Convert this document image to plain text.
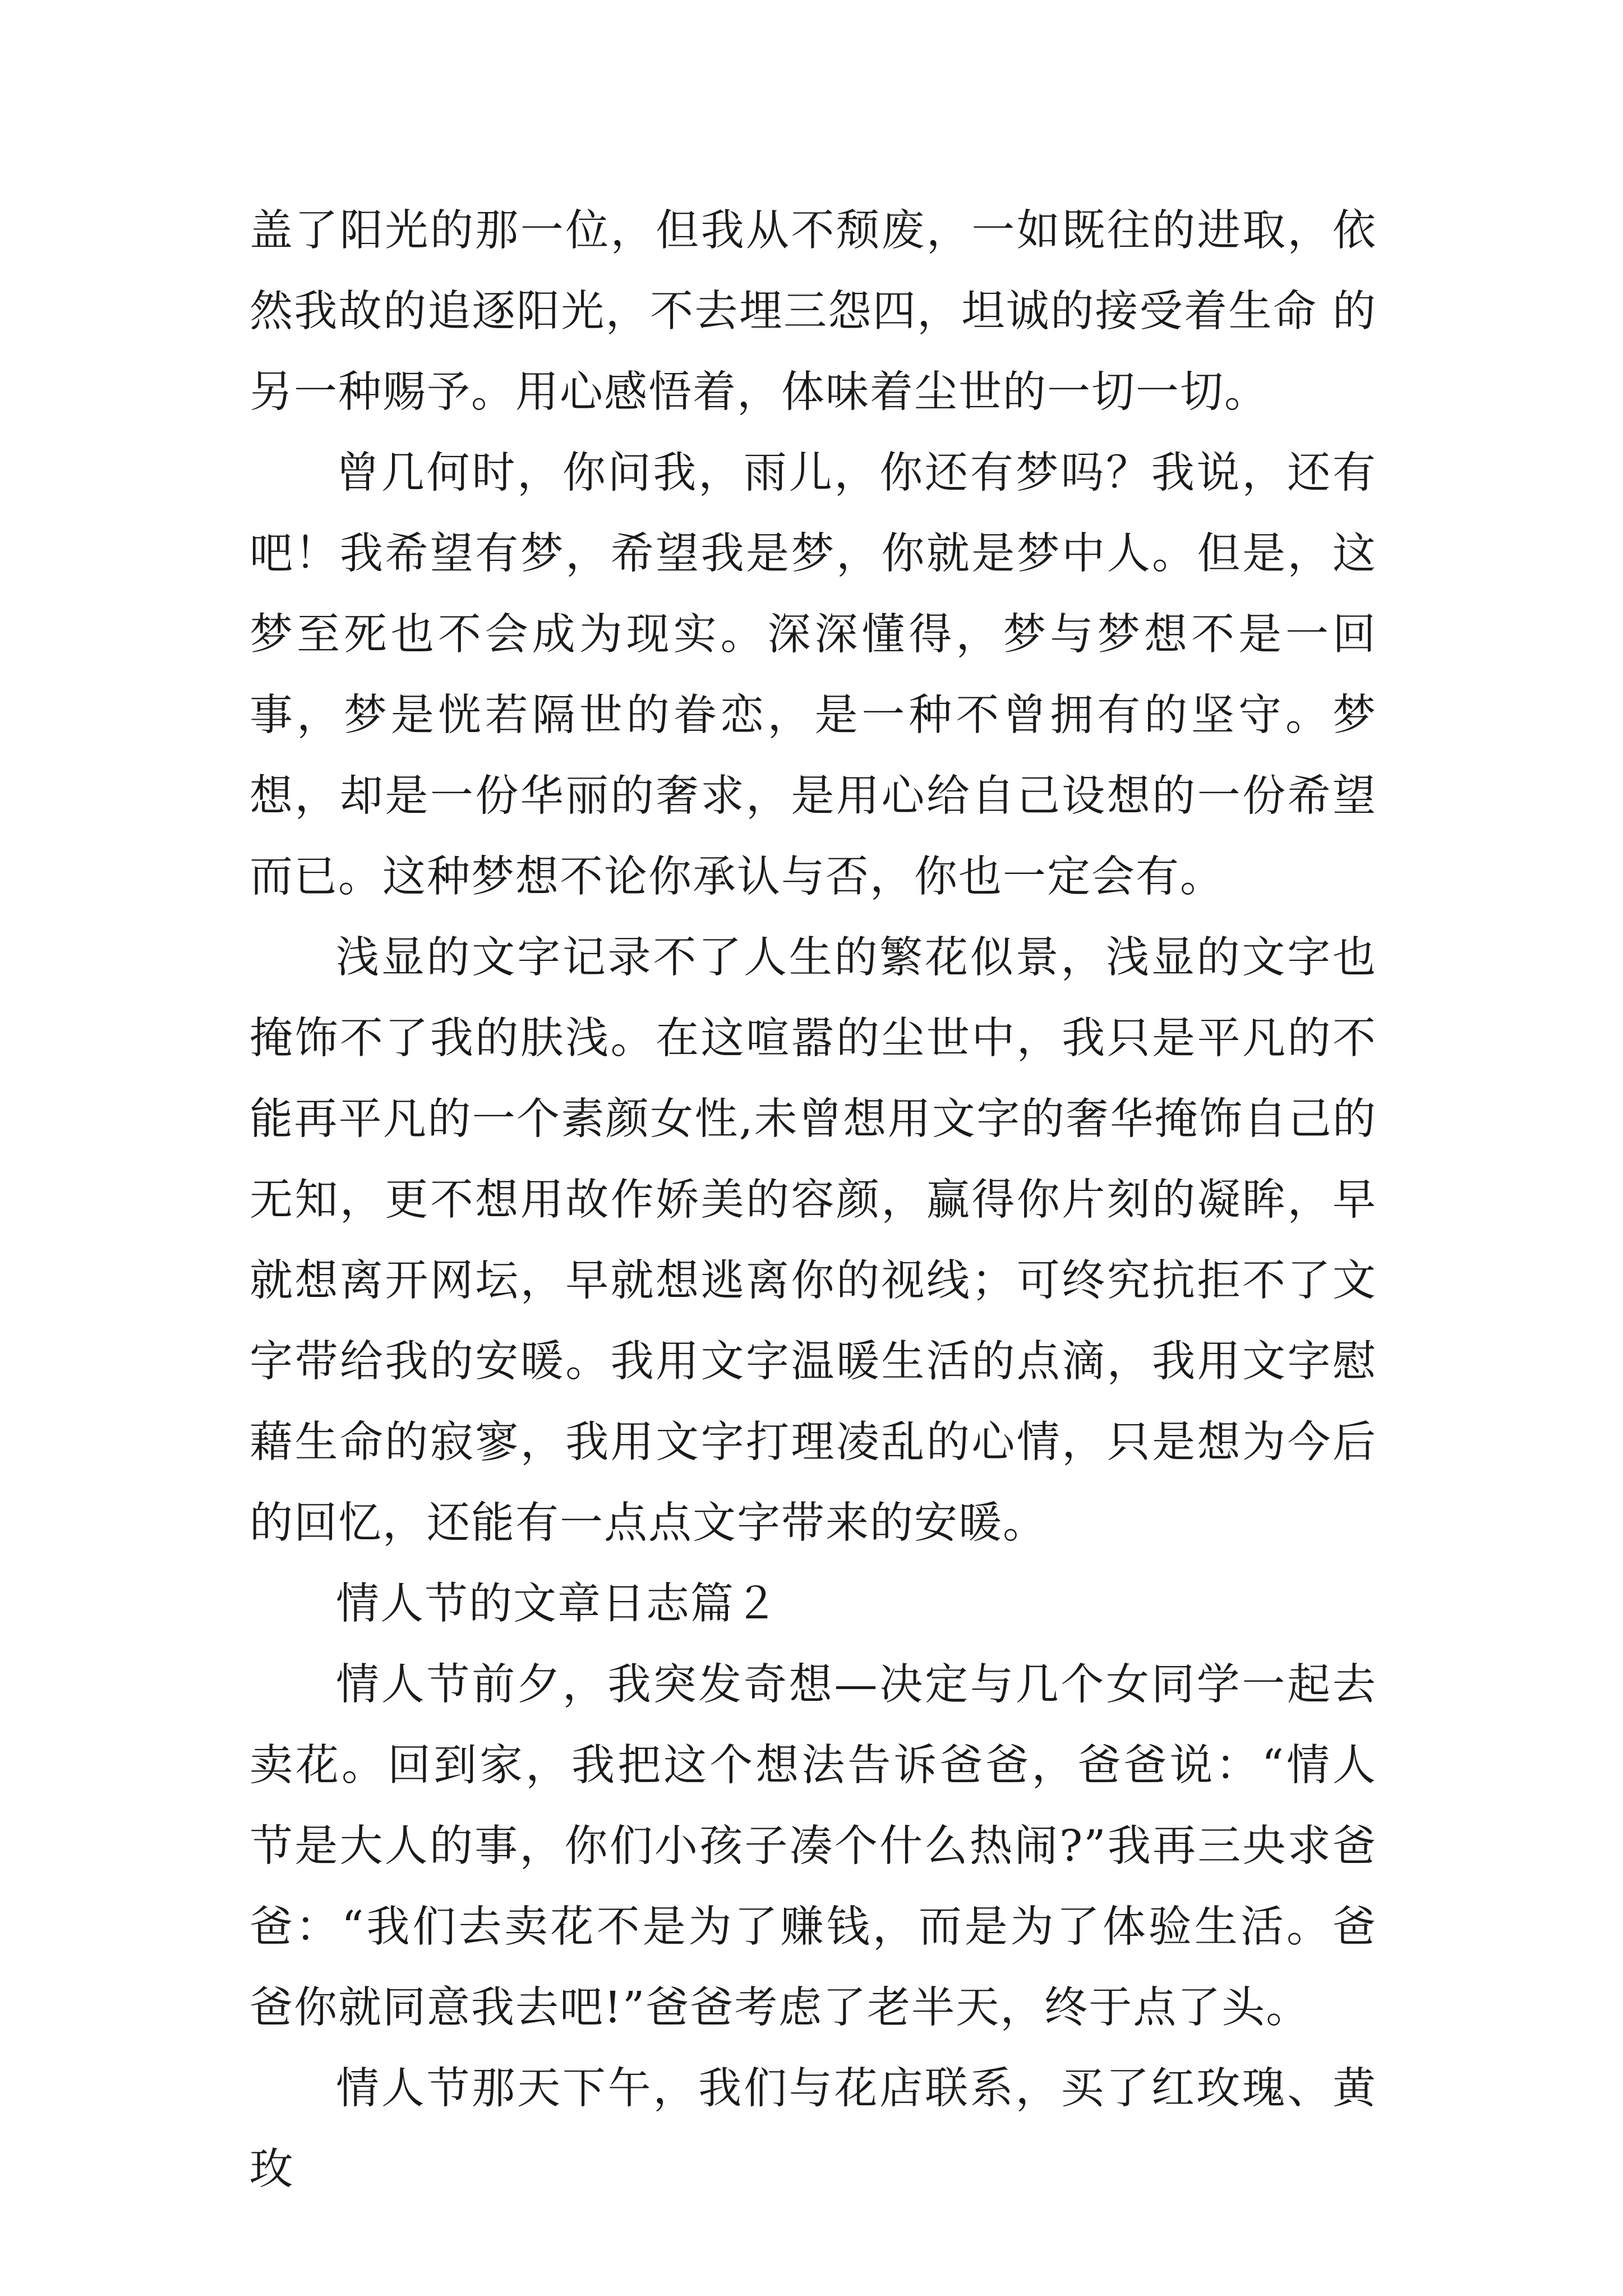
盖了阳光的那一位，但我从不颓废，一如既往的进取，依然我故的追逐阳光，不去埋三怨四，坦诚的接受着生命 的另一种赐予。用心感悟着，体味着尘世的一切一切。

曾几何时，你问我，雨儿，你还有梦吗？我说，还有吧！我希望有梦，希望我是梦，你就是梦中人。但是，这梦至死也不会成为现实。深深懂得，梦与梦想不是一回事，梦是恍若隔世的眷恋，是一种不曾拥有的坚守。梦想，却是一份华丽的奢求，是用心给自己设想的一份希望而已。这种梦想不论你承认与否，你也一定会有。

浅显的文字记录不了人生的繁花似景，浅显的文字也掩饰不了我的肤浅。在这喧嚣的尘世中，我只是平凡的不能再平凡的一个素颜女性,未曾想用文字的奢华掩饰自己的无知，更不想用故作娇美的容颜，赢得你片刻的凝眸，早就想离开网坛，早就想逃离你的视线；可终究抗拒不了文字带给我的安暖。我用文字温暖生活的点滴，我用文字慰藉生命的寂寥，我用文字打理凌乱的心情，只是想为今后的回忆，还能有一点点文字带来的安暖。

情人节的文章日志篇２

情人节前夕，我突发奇想—决定与几个女同学一起去卖花。回到家，我把这个想法告诉爸爸，爸爸说：“情人节是大人的事，你们小孩子凑个什么热闹?”我再三央求爸爸：“我们去卖花不是为了赚钱，而是为了体验生活。爸爸你就同意我去吧!”爸爸考虑了老半天，终于点了头。

情人节那天下午，我们与花店联系，买了红玫瑰、黄玫
